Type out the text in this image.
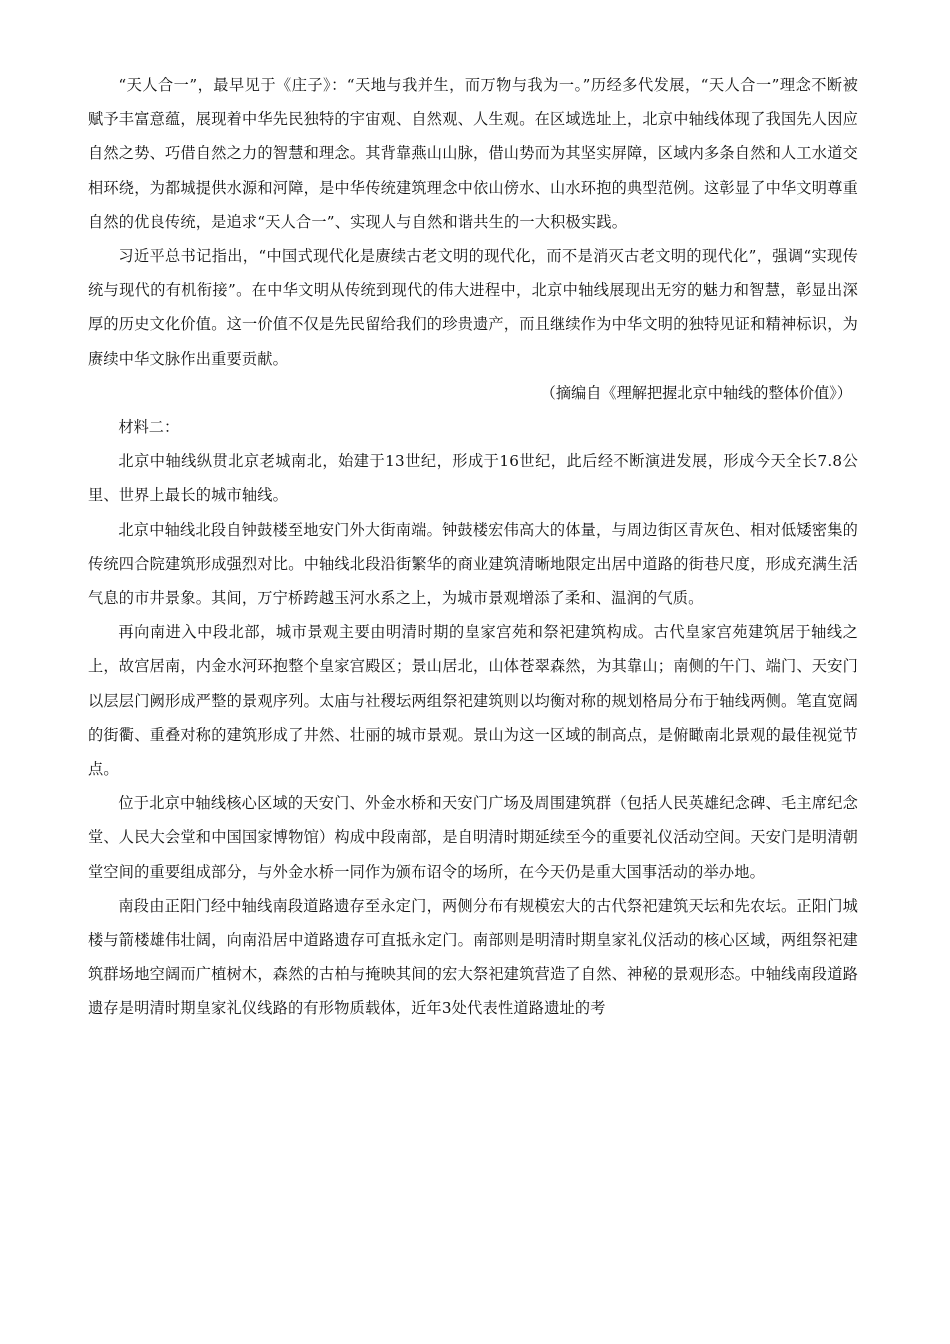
“天人合一”，最早见于《庄子》：“天地与我并生，而万物与我为一。”历经多代发展，“天人合一”理念不断被赋予丰富意蕴，展现着中华先民独特的宇宙观、自然观、人生观。在区域选址上，北京中轴线体现了我国先人因应自然之势、巧借自然之力的智慧和理念。其背靠燕山山脉，借山势而为其坚实屏障，区域内多条自然和人工水道交相环绕，为都城提供水源和河障，是中华传统建筑理念中依山傍水、山水环抱的典型范例。这彰显了中华文明尊重自然的优良传统，是追求“天人合一”、实现人与自然和谐共生的一大积极实践。

习近平总书记指出，“中国式现代化是赓续古老文明的现代化，而不是消灭古老文明的现代化”，强调“实现传统与现代的有机衔接”。在中华文明从传统到现代的伟大进程中，北京中轴线展现出无穷的魅力和智慧，彰显出深厚的历史文化价值。这一价值不仅是先民留给我们的珍贵遗产，而且继续作为中华文明的独特见证和精神标识，为赓续中华文脉作出重要贡献。

（摘编自《理解把握北京中轴线的整体价值》）

材料二：

北京中轴线纵贯北京老城南北，始建于13世纪，形成于16世纪，此后经不断演进发展，形成今天全长7.8公里、世界上最长的城市轴线。

北京中轴线北段自钟鼓楼至地安门外大街南端。钟鼓楼宏伟高大的体量，与周边街区青灰色、相对低矮密集的传统四合院建筑形成强烈对比。中轴线北段沿街繁华的商业建筑清晰地限定出居中道路的街巷尺度，形成充满生活气息的市井景象。其间，万宁桥跨越玉河水系之上，为城市景观增添了柔和、温润的气质。

再向南进入中段北部，城市景观主要由明清时期的皇家宫苑和祭祀建筑构成。古代皇家宫苑建筑居于轴线之上，故宫居南，内金水河环抱整个皇家宫殿区；景山居北，山体苍翠森然，为其靠山；南侧的午门、端门、天安门以层层门阙形成严整的景观序列。太庙与社稷坛两组祭祀建筑则以均衡对称的规划格局分布于轴线两侧。笔直宽阔的街衢、重叠对称的建筑形成了井然、壮丽的城市景观。景山为这一区域的制高点，是俯瞰南北景观的最佳视觉节点。

位于北京中轴线核心区域的天安门、外金水桥和天安门广场及周围建筑群（包括人民英雄纪念碑、毛主席纪念堂、人民大会堂和中国国家博物馆）构成中段南部，是自明清时期延续至今的重要礼仪活动空间。天安门是明清朝堂空间的重要组成部分，与外金水桥一同作为颁布诏令的场所，在今天仍是重大国事活动的举办地。

南段由正阳门经中轴线南段道路遗存至永定门，两侧分布有规模宏大的古代祭祀建筑天坛和先农坛。正阳门城楼与箭楼雄伟壮阔，向南沿居中道路遗存可直抵永定门。南部则是明清时期皇家礼仪活动的核心区域，两组祭祀建筑群场地空阔而广植树木，森然的古柏与掩映其间的宏大祭祀建筑营造了自然、神秘的景观形态。中轴线南段道路遗存是明清时期皇家礼仪线路的有形物质载体，近年3处代表性道路遗址的考
